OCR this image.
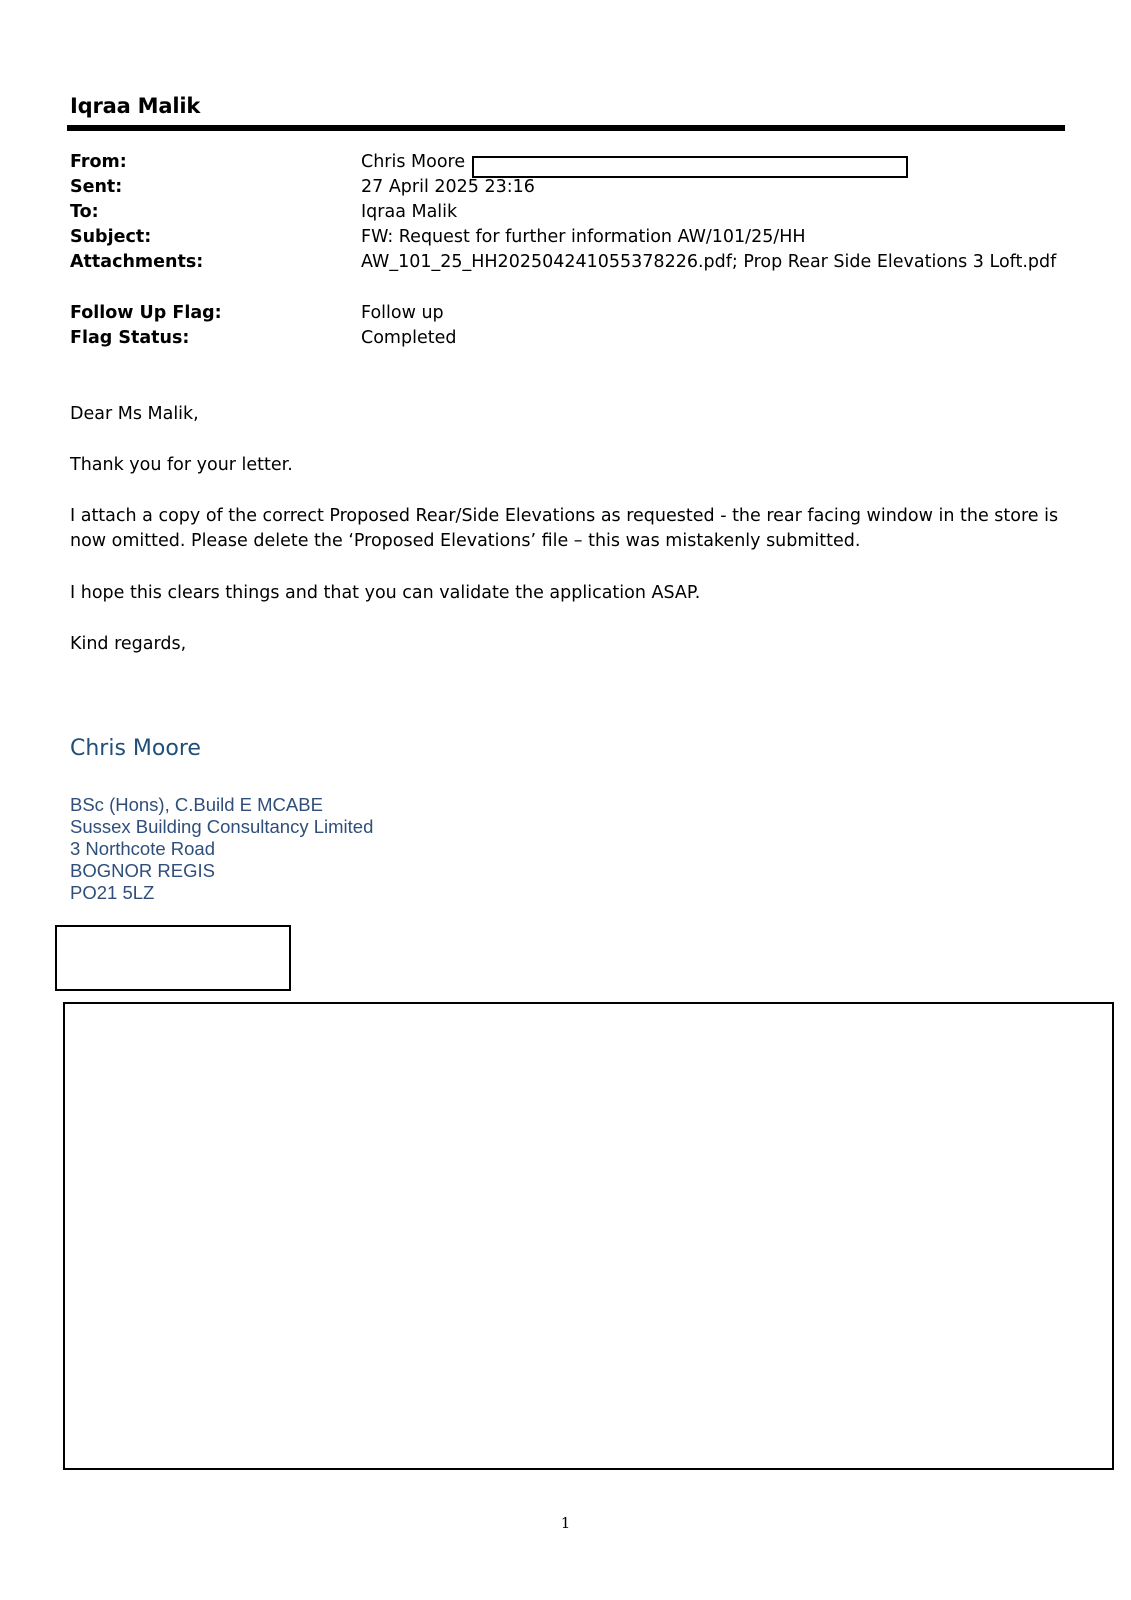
Iqraa Malik
From:	Chris Moore
Sent:	27 April 2025 23:16
To:	Iqraa Malik
Subject:	FW: Request for further information AW/101/25/HH
Attachments:	AW_101_25_HH202504241055378226.pdf; Prop Rear Side Elevations 3 Loft.pdf
Follow Up Flag:	Follow up
Flag Status:	Completed
Dear Ms Malik,
Thank you for your letter.
I attach a copy of the correct Proposed Rear/Side Elevations as requested - the rear facing window in the store is now omitted. Please delete the ‘Proposed Elevations’ file – this was mistakenly submitted.
I hope this clears things and that you can validate the application ASAP.
Kind regards,
Chris Moore
BSc (Hons), C.Build E MCABE
Sussex Building Consultancy Limited
3 Northcote Road
BOGNOR REGIS
PO21 5LZ
1
